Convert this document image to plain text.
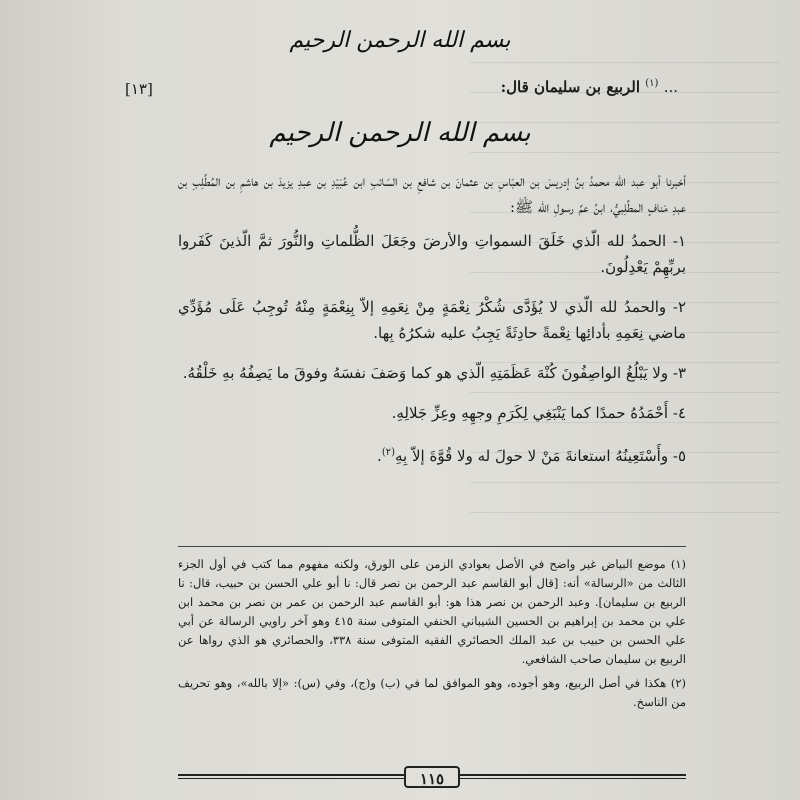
بسم الله الرحمن الرحيم
[١٣]	... $^{(١)}$ الربيع بن سليمان قال:
بسم الله الرحمن الرحيم

أخبرنا أبو عبد الله محمدُ بنُ إدريسَ بن العبّاسِ بن عثمانَ بن شافعِ بن السّائبِ ابن عُبَيْدِ بن عبدِ يزيدَ بن هاشمِ بن المُطَّلِبِ بن عبدِ مَنافٍ المطَّلِبيُّ، ابنُ عمِّ رسولِ الله ﷺ:

١- الحمدُ لله الّذي خَلَقَ السمواتِ والأرضَ وجَعَلَ الظُّلماتِ والنُّورَ ثمَّ الّذينَ كَفَروا بربِّهِمْ يَعْدِلُونَ.

٢- والحمدُ لله الّذي لا يُؤَدَّى شُكْرُ نِعْمَةٍ مِنْ نِعَمِهِ إلاّ بِنِعْمَةٍ مِنْهُ تُوجِبُ عَلَى مُؤَدِّي ماضي نِعَمِهِ بأدائِها نِعْمةً حادِثَةً يَجِبُ عليه شكرُهُ بِها.

٣- ولا يَبْلُغُ الواصِفُونَ كُنْهَ عَظَمَتِهِ الّذي هو كما وَصَفَ نفسَهُ وفوقَ ما يَصِفُهُ بهِ خَلْقُهُ.

٤- أَحْمَدُهُ حمدًا كما يَنْبَغِي لِكَرَمِ وجهِهِ وعِزِّ جَلالِهِ.

٥- وأَسْتَعِينُهُ استعانةَ مَنْ لا حولَ له ولا قُوَّةَ إلاّ بِهِ$^{(٢)}$.

(١) موضع البياض غير واضح في الأصل بعوادي الزمن على الورق، ولكنه مفهوم مما كتب في أول الجزء الثالث من «الرسالة» أنه: [قال أبو القاسم عبد الرحمن بن نصر قال: نا أبو علي الحسن بن حبيب، قال: نا الربيع بن سليمان]. وعبد الرحمن بن نصر هذا هو: أبو القاسم عبد الرحمن بن عمر بن نصر بن محمد ابن علي بن محمد بن إبراهيم بن الحسين الشيباني الحنفي المتوفى سنة ٤١٥ وهو آخر راويي الرسالة عن أبي علي الحسن بن حبيب بن عبد الملك الحصائري الفقيه المتوفى سنة ٣٣٨، والحصائري هو الذي رواها عن الربيع بن سليمان صاحب الشافعي.

(٢) هكذا في أصل الربيع، وهو أجوده، وهو الموافق لما في (ب) و(ج)، وفي (س): «إلا بالله»، وهو تحريف من الناسخ.

١١٥
